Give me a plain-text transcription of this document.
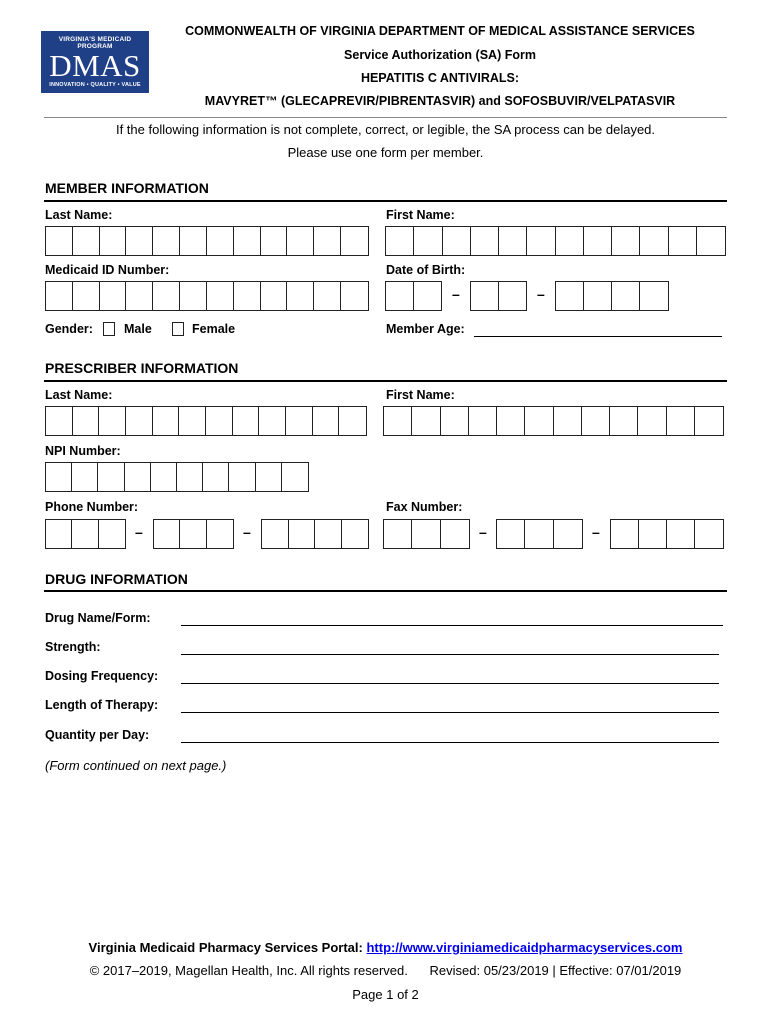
VIRGINIA'S MEDICAID PROGRAM
DMAS
INNOVATION • QUALITY • VALUE
COMMONWEALTH OF VIRGINIA DEPARTMENT OF MEDICAL ASSISTANCE SERVICES
Service Authorization (SA) Form
HEPATITIS C ANTIVIRALS:
MAVYRET™ (GLECAPREVIR/PIBRENTASVIR) and SOFOSBUVIR/VELPATASVIR
If the following information is not complete, correct, or legible, the SA process can be delayed.
Please use one form per member.
MEMBER INFORMATION
Last Name:	First Name:
Medicaid ID Number:	Date of Birth:
–	–
Gender: Male	Female	Member Age:
PRESCRIBER INFORMATION
Last Name:	First Name:
NPI Number:
Phone Number:	Fax Number:
–	–	–	–
DRUG INFORMATION
Drug Name/Form:
Strength:
Dosing Frequency:
Length of Therapy:
Quantity per Day:
(Form continued on next page.)
Virginia Medicaid Pharmacy Services Portal: http://www.virginiamedicaidpharmacyservices.com
© 2017–2019, Magellan Health, Inc. All rights reserved. Revised: 05/23/2019 | Effective: 07/01/2019
Page 1 of 2
